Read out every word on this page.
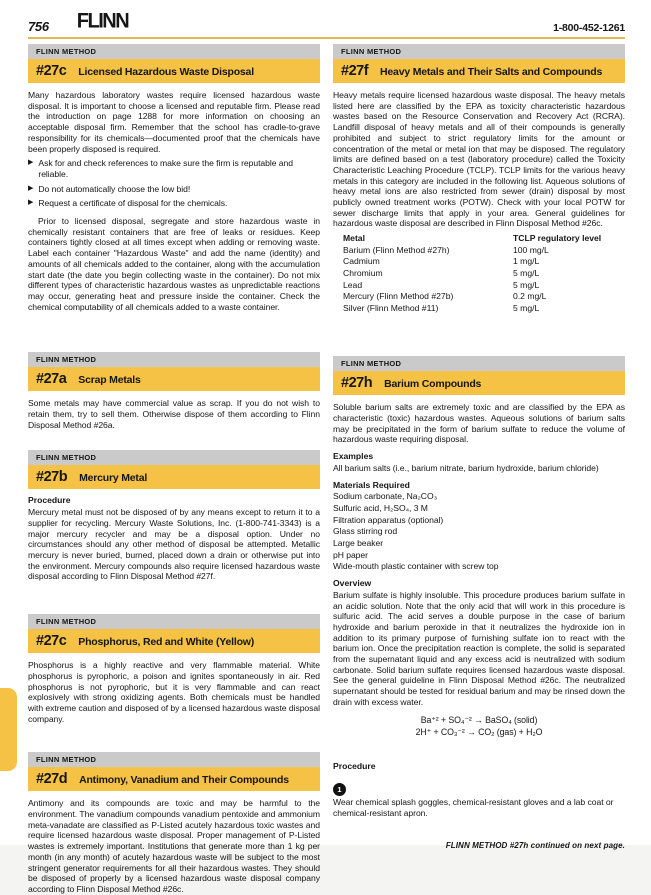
756 FLINN	1-800-452-1261
FLINN METHOD
#27c Licensed Hazardous Waste Disposal
Many hazardous laboratory wastes require licensed hazardous waste disposal. It is important to choose a licensed and reputable firm. Please read the introduction on page 1288 for more information on choosing an acceptable disposal firm. Remember that the school has cradle-to-grave responsibility for its chemicals—documented proof that the chemicals have been properly disposed is required.
▶ Ask for and check references to make sure the firm is reputable and reliable.
▶ Do not automatically choose the low bid!
▶ Request a certificate of disposal for the chemicals.
Prior to licensed disposal, segregate and store hazardous waste in chemically resistant containers that are free of leaks or residues. Keep containers tightly closed at all times except when adding or removing waste. Label each container "Hazardous Waste" and add the name (identity) and amounts of all chemicals added to the container, along with the accumulation start date (the date you begin collecting waste in the container). Do not mix different types of characteristic hazardous wastes as unpredictable reactions may occur, generating heat and pressure inside the container. Check the chemical computability of all chemicals added to a waste container.
FLINN METHOD
#27a Scrap Metals
Some metals may have commercial value as scrap. If you do not wish to retain them, try to sell them. Otherwise dispose of them according to Flinn Disposal Method #26a.
FLINN METHOD
#27b Mercury Metal
Procedure
Mercury metal must not be disposed of by any means except to return it to a supplier for recycling. Mercury Waste Solutions, Inc. (1-800-741-3343) is a major mercury recycler and may be a disposal option. Under no circumstances should any other method of disposal be attempted. Metallic mercury is never buried, burned, placed down a drain or otherwise put into the environment. Mercury compounds also require licensed hazardous waste disposal according to Flinn Disposal Method #27f.
FLINN METHOD
#27c Phosphorus, Red and White (Yellow)
Phosphorus is a highly reactive and very flammable material. White phosphorus is pyrophoric, a poison and ignites spontaneously in air. Red phosphorus is not pyrophoric, but it is very flammable and can react explosively with strong oxidizing agents. Both chemicals must be handled with extreme caution and disposed of by a licensed hazardous waste disposal company.
FLINN METHOD
#27d Antimony, Vanadium and Their Compounds
Antimony and its compounds are toxic and may be harmful to the environment. The vanadium compounds vanadium pentoxide and ammonium meta-vanadate are classified as P-Listed acutely hazardous toxic wastes and require licensed hazardous waste disposal. Proper management of P-Listed wastes is extremely important. Institutions that generate more than 1 kg per month (in any month) of acutely hazardous waste will be subject to the most stringent generator requirements for all their hazardous wastes. They should be disposed of properly by a licensed hazardous waste disposal company according to Flinn Disposal Method #26c.
FLINN METHOD
#27f Heavy Metals and Their Salts and Compounds
Heavy metals require licensed hazardous waste disposal. The heavy metals listed here are classified by the EPA as toxicity characteristic hazardous wastes based on the Resource Conservation and Recovery Act (RCRA). Landfill disposal of heavy metals and all of their compounds is generally prohibited and subject to strict regulatory limits for the amount or concentration of the metal or metal ion that may be disposed. The regulatory limits are defined based on a test (laboratory procedure) called the Toxicity Characteristic Leaching Procedure (TCLP). TCLP limits for the various heavy metals in this category are included in the following list. Aqueous solutions of heavy metal ions are also restricted from sewer (drain) disposal by most publicly owned treatment works (POTW). Check with your local POTW for sewer discharge limits that apply in your area. General guidelines for hazardous waste disposal are described in Flinn Disposal Method #26c.
Metal	TCLP regulatory level
Barium (Flinn Method #27h)	100 mg/L
Cadmium	1 mg/L
Chromium	5 mg/L
Lead	5 mg/L
Mercury (Flinn Method #27b)	0.2 mg/L
Silver (Flinn Method #11)	5 mg/L
FLINN METHOD
#27h Barium Compounds
Soluble barium salts are extremely toxic and are classified by the EPA as characteristic (toxic) hazardous wastes. Aqueous solutions of barium salts may be precipitated in the form of barium sulfate to reduce the volume of hazardous waste requiring disposal.
Examples
All barium salts (i.e., barium nitrate, barium hydroxide, barium chloride)
Materials Required
Sodium carbonate, Na₂CO₃
Sulfuric acid, H₂SO₄, 3 M
Filtration apparatus (optional)
Glass stirring rod
Large beaker
pH paper
Wide-mouth plastic container with screw top
Overview
Barium sulfate is highly insoluble. This procedure produces barium sulfate in an acidic solution. Note that the only acid that will work in this procedure is sulfuric acid. The acid serves a double purpose in the case of barium hydroxide and barium peroxide in that it neutralizes the hydroxide ion in addition to its primary purpose of furnishing sulfate ion to react with the barium ion. Once the precipitation reaction is complete, the solid is separated from the supernatant liquid and any excess acid is neutralized with sodium carbonate. Solid barium sulfate requires licensed hazardous waste disposal. See the general guideline in Flinn Disposal Method #26c. The neutralized supernatant should be tested for residual barium and may be rinsed down the drain with excess water.
Ba⁺² + SO₄⁻² → BaSO₄ (solid)
2H⁺ + CO₃⁻² → CO₂ (gas) + H₂O
Procedure
1
Wear chemical splash goggles, chemical-resistant gloves and a lab coat or chemical-resistant apron.
FLINN METHOD #27h continued on next page.
